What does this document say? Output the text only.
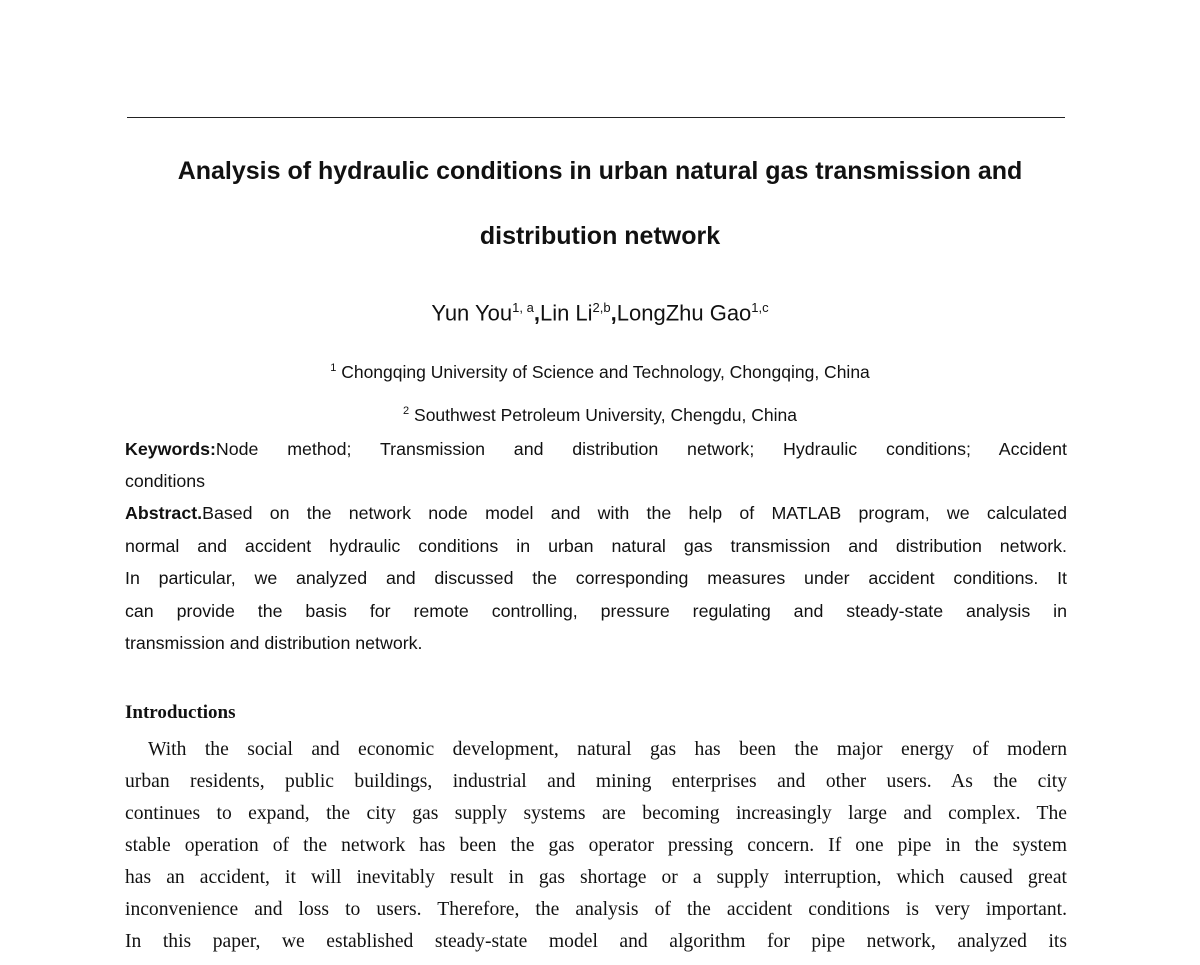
Analysis of hydraulic conditions in urban natural gas transmission and
distribution network
Yun You$^{1, a}$,Lin Li$^{2,b}$,LongZhu Gao$^{1,c}$
$^1$ Chongqing University of Science and Technology, Chongqing, China
$^2$ Southwest Petroleum University, Chengdu, China
Keywords:Node method; Transmission and distribution network; Hydraulic conditions; Accident
conditions
Abstract.Based on the network node model and with the help of MATLAB program, we calculated
normal and accident hydraulic conditions in urban natural gas transmission and distribution network.
In particular, we analyzed and discussed the corresponding measures under accident conditions. It
can provide the basis for remote controlling, pressure regulating and steady-state analysis in
transmission and distribution network.
Introductions
With the social and economic development, natural gas has been the major energy of modern
urban residents, public buildings, industrial and mining enterprises and other users. As the city
continues to expand, the city gas supply systems are becoming increasingly large and complex. The
stable operation of the network has been the gas operator pressing concern. If one pipe in the system
has an accident, it will inevitably result in gas shortage or a supply interruption, which caused great
inconvenience and loss to users. Therefore, the analysis of the accident conditions is very important.
In this paper, we established steady-state model and algorithm for pipe network, analyzed its
